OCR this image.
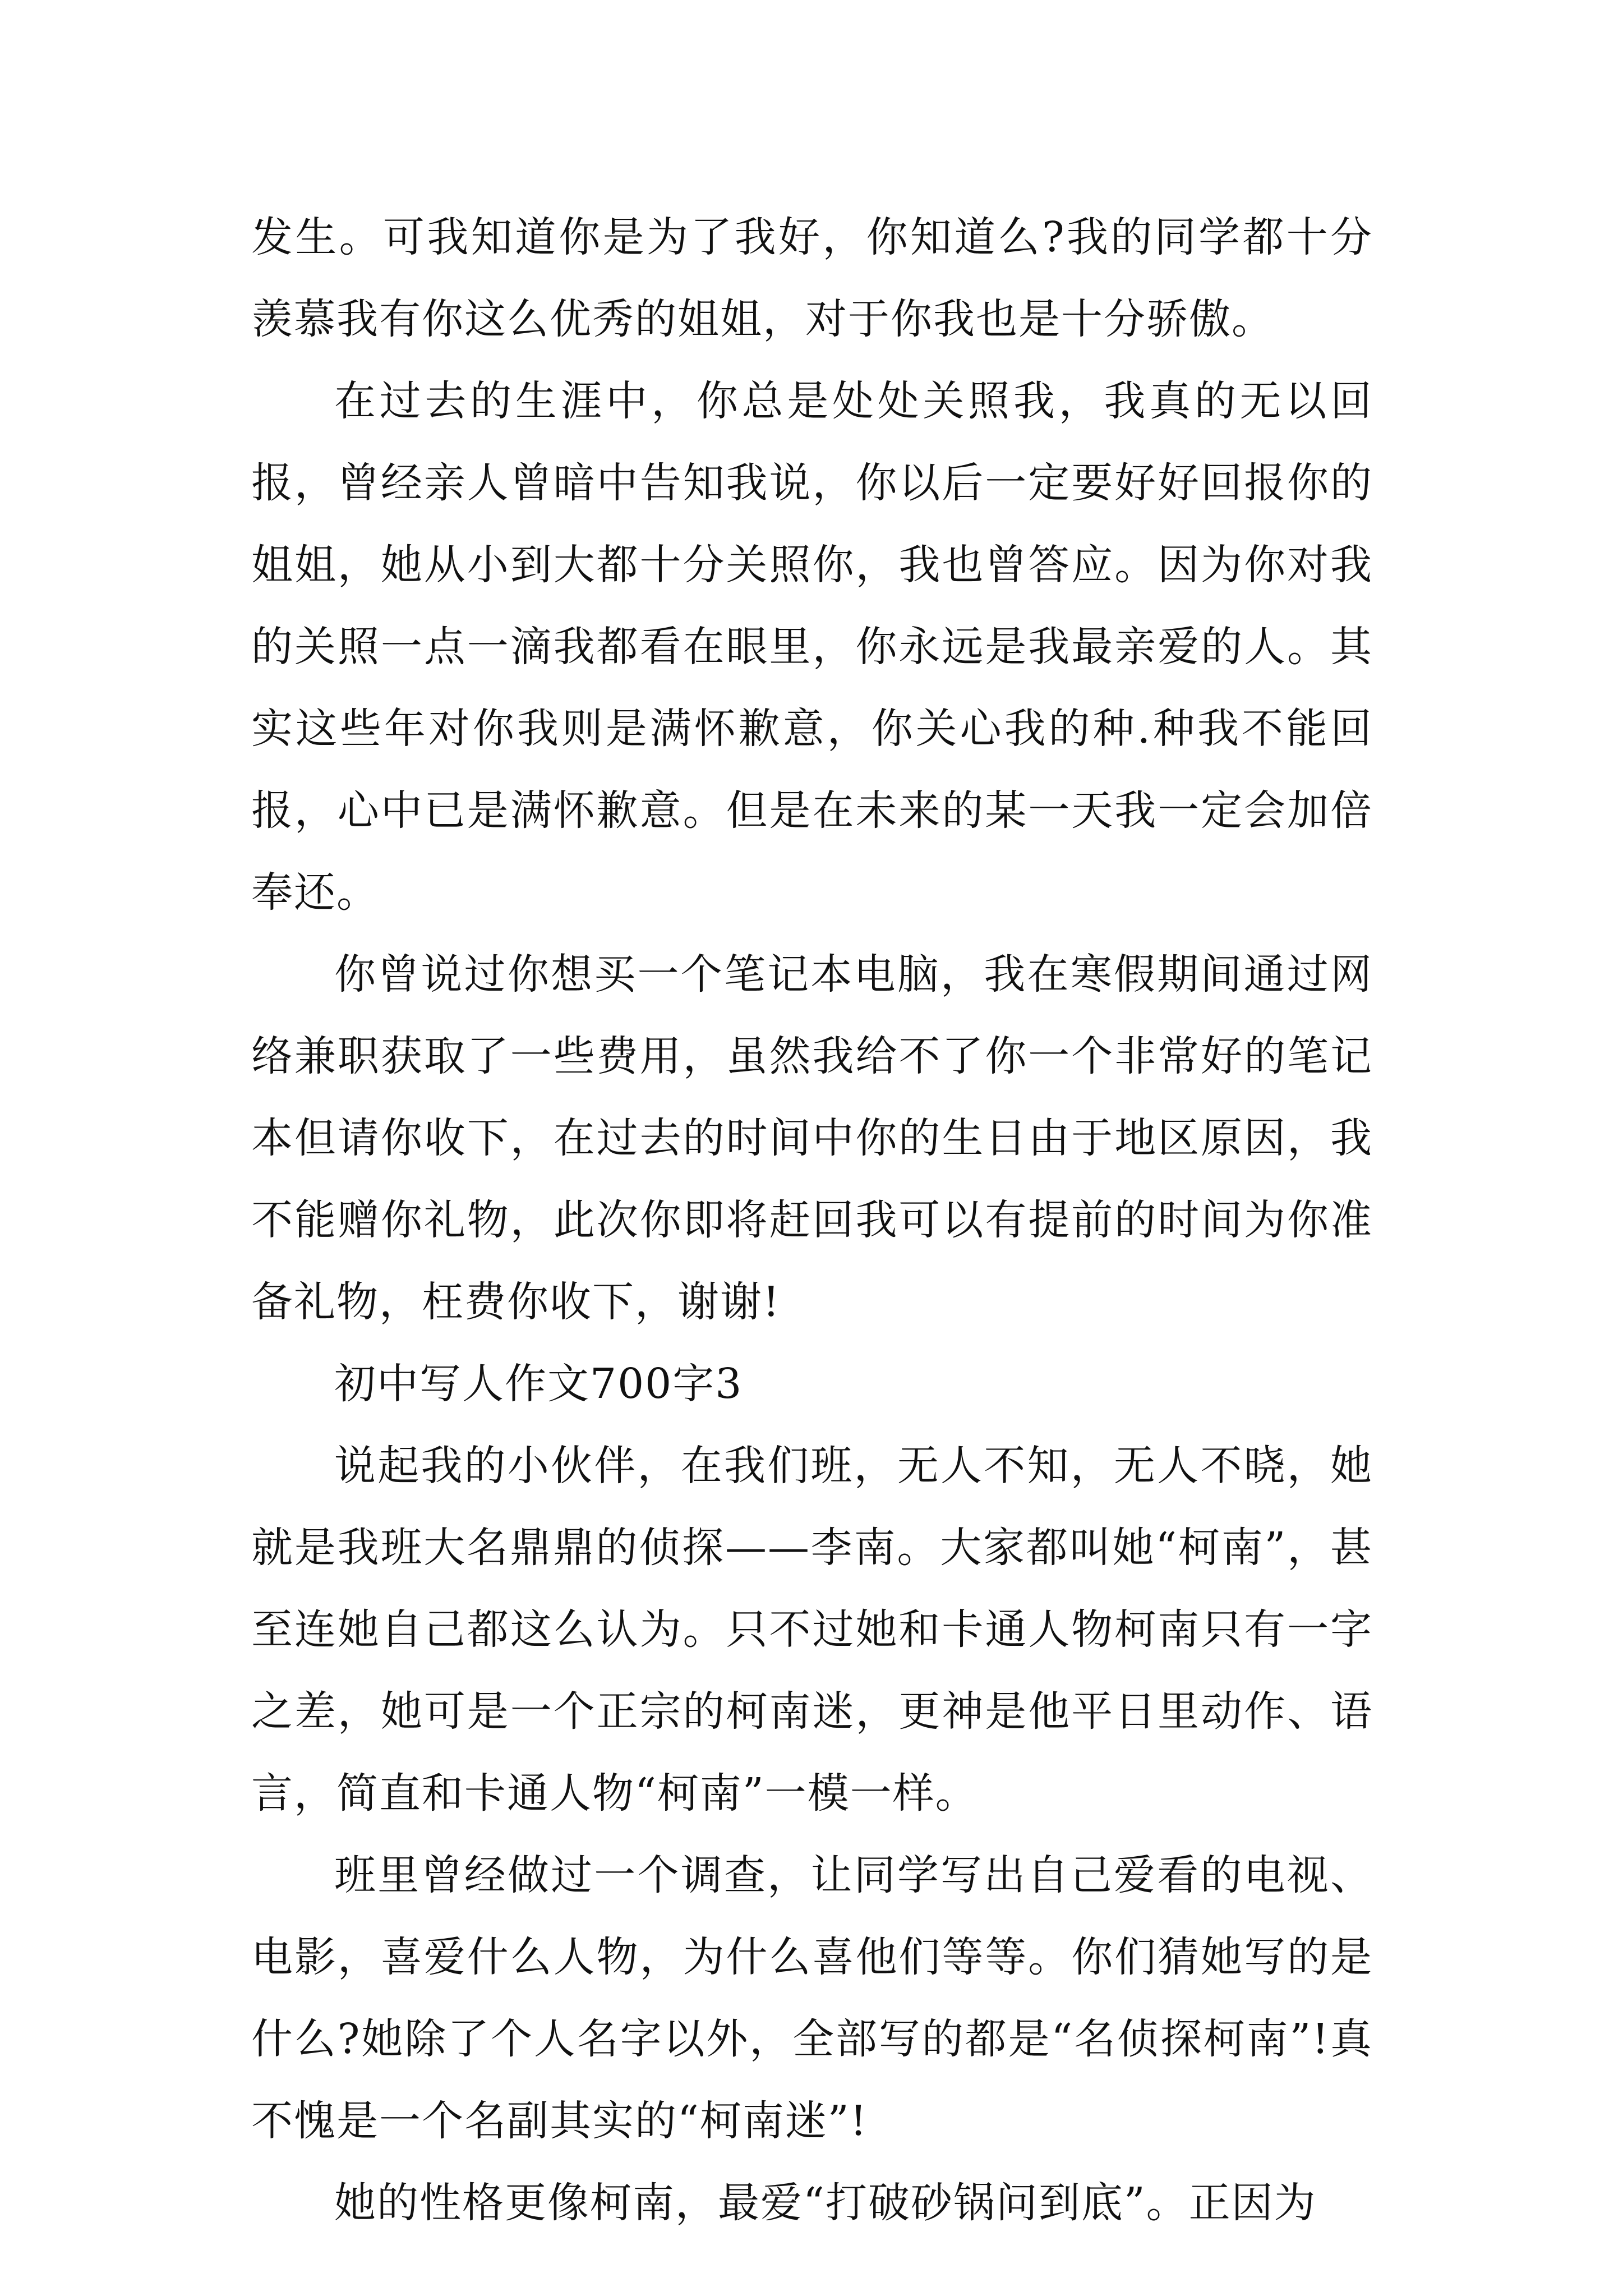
发生。可我知道你是为了我好，你知道么?我的同学都十分羡慕我有你这么优秀的姐姐，对于你我也是十分骄傲。

在过去的生涯中，你总是处处关照我，我真的无以回报，曾经亲人曾暗中告知我说，你以后一定要好好回报你的姐姐，她从小到大都十分关照你，我也曾答应。因为你对我的关照一点一滴我都看在眼里，你永远是我最亲爱的人。其实这些年对你我则是满怀歉意，你关心我的种.种我不能回报，心中已是满怀歉意。但是在未来的某一天我一定会加倍奉还。

你曾说过你想买一个笔记本电脑，我在寒假期间通过网络兼职获取了一些费用，虽然我给不了你一个非常好的笔记本但请你收下，在过去的时间中你的生日由于地区原因，我不能赠你礼物，此次你即将赶回我可以有提前的时间为你准备礼物，枉费你收下，谢谢!

初中写人作文700字3

说起我的小伙伴，在我们班，无人不知，无人不晓，她就是我班大名鼎鼎的侦探——李南。大家都叫她“柯南”，甚至连她自己都这么认为。只不过她和卡通人物柯南只有一字之差，她可是一个正宗的柯南迷，更神是他平日里动作、语言，简直和卡通人物“柯南”一模一样。

班里曾经做过一个调查，让同学写出自己爱看的电视、电影，喜爱什么人物，为什么喜他们等等。你们猜她写的是什么?她除了个人名字以外，全部写的都是“名侦探柯南”!真不愧是一个名副其实的“柯南迷”!

她的性格更像柯南，最爱“打破砂锅问到底”。正因为
